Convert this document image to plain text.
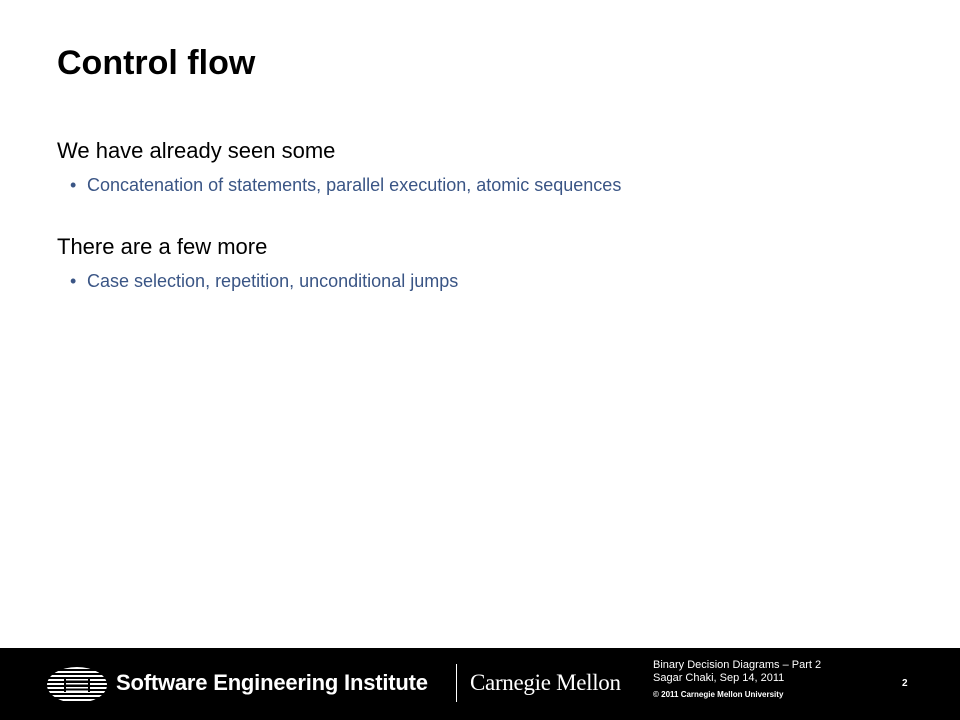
Control flow
We have already seen some
• Concatenation of statements, parallel execution, atomic sequences
There are a few more
• Case selection, repetition, unconditional jumps
Software Engineering Institute Carnegie Mellon
Binary Decision Diagrams – Part 2
Sagar Chaki, Sep 14, 2011
© 2011 Carnegie Mellon University
2
